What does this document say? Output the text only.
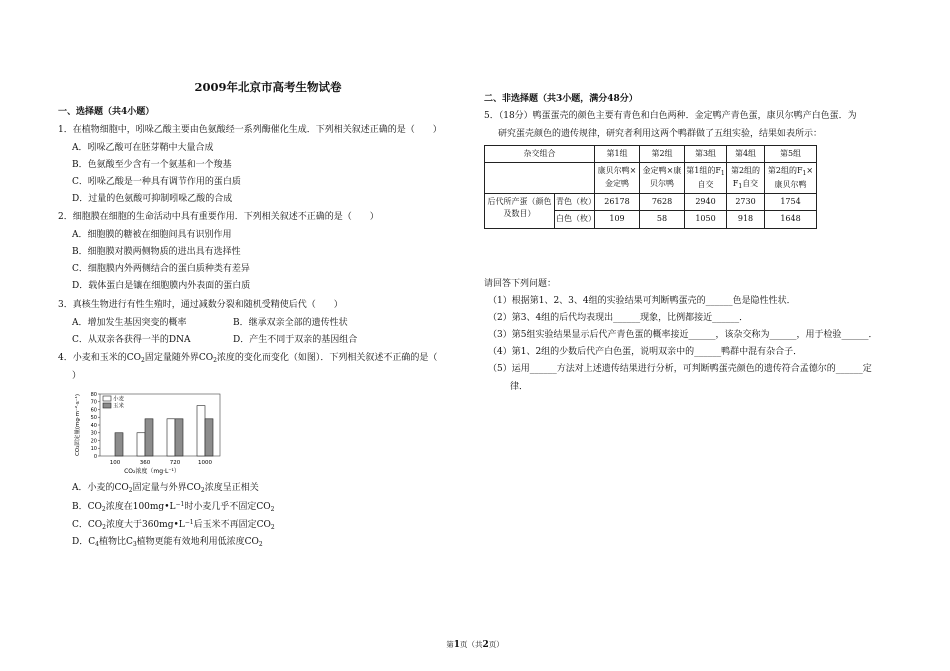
2009年北京市高考生物试卷
一、选择题（共4小题）
1．在植物细胞中，吲哚乙酸主要由色氨酸经一系列酶催化生成．下列相关叙述正确的是（　　）
A．吲哚乙酸可在胚芽鞘中大量合成
B．色氨酸至少含有一个氨基和一个羧基
C．吲哚乙酸是一种具有调节作用的蛋白质
D．过量的色氨酸可抑制吲哚乙酸的合成
2．细胞膜在细胞的生命活动中具有重要作用．下列相关叙述不正确的是（　　）
A．细胞膜的糖被在细胞间具有识别作用
B．细胞膜对膜两侧物质的进出具有选择性
C．细胞膜内外两侧结合的蛋白质种类有差异
D．载体蛋白是镶在细胞膜内外表面的蛋白质
3．真核生物进行有性生殖时，通过减数分裂和随机受精使后代（　　）
A．增加发生基因突变的概率	B．继承双亲全部的遗传性状
C．从双亲各获得一半的DNA	D．产生不同于双亲的基因组合
4．小麦和玉米的$CO_2$固定量随外界$CO_2$浓度的变化而变化（如图）．下列相关叙述不正确的是（
）
A．小麦的$CO_2$固定量与外界$CO_2$浓度呈正相关
B．$CO_2$浓度在$100mg•L^{-1}$时小麦几乎不固定$CO_2$
C．$CO_2$浓度大于$360mg•L^{-1}$后玉米不再固定$CO_2$
D．$C_4$植物比$C_3$植物更能有效地利用低浓度$CO_2$
80
70
60
50
40
30
20
10
0
CO₂固定量(mg·m⁻²·s⁻¹)
100	360	720	1000
CO₂浓度（mg·L⁻¹）
小麦
玉米
二、非选择题（共3小题，满分48分）
5．（18分）鸭蛋蛋壳的颜色主要有青色和白色两种．金定鸭产青色蛋，康贝尔鸭产白色蛋．为
研究蛋壳颜色的遗传规律，研究者利用这两个鸭群做了五组实验，结果如表所示：
请回答下列问题：
（1）根据第1、2、3、4组的实验结果可判断鸭蛋壳的______色是隐性性状．
（2）第3、4组的后代均表现出______现象，比例都接近______．
（3）第5组实验结果显示后代产青色蛋的概率接近______，该杂交称为______，用于检验______．
（4）第1、2组的少数后代产白色蛋，说明双亲中的______鸭群中混有杂合子．
（5）运用______方法对上述遗传结果进行分析，可判断鸭蛋壳颜色的遗传符合孟德尔的______定
律．
杂交组合		第1组	第2组	第3组	第4组	第5组
		康贝尔鸭×金定鸭	金定鸭×康贝尔鸭	第1组的$F_1$自交	第2组的$F_1$自交	第2组的$F_1\times$康贝尔鸭
后代所产蛋（颜色及数目）	青色（枚）	26178	7628	2940	2730	1754
	白色（枚）	109	58	1050	918	1648
第1页（共2页）
